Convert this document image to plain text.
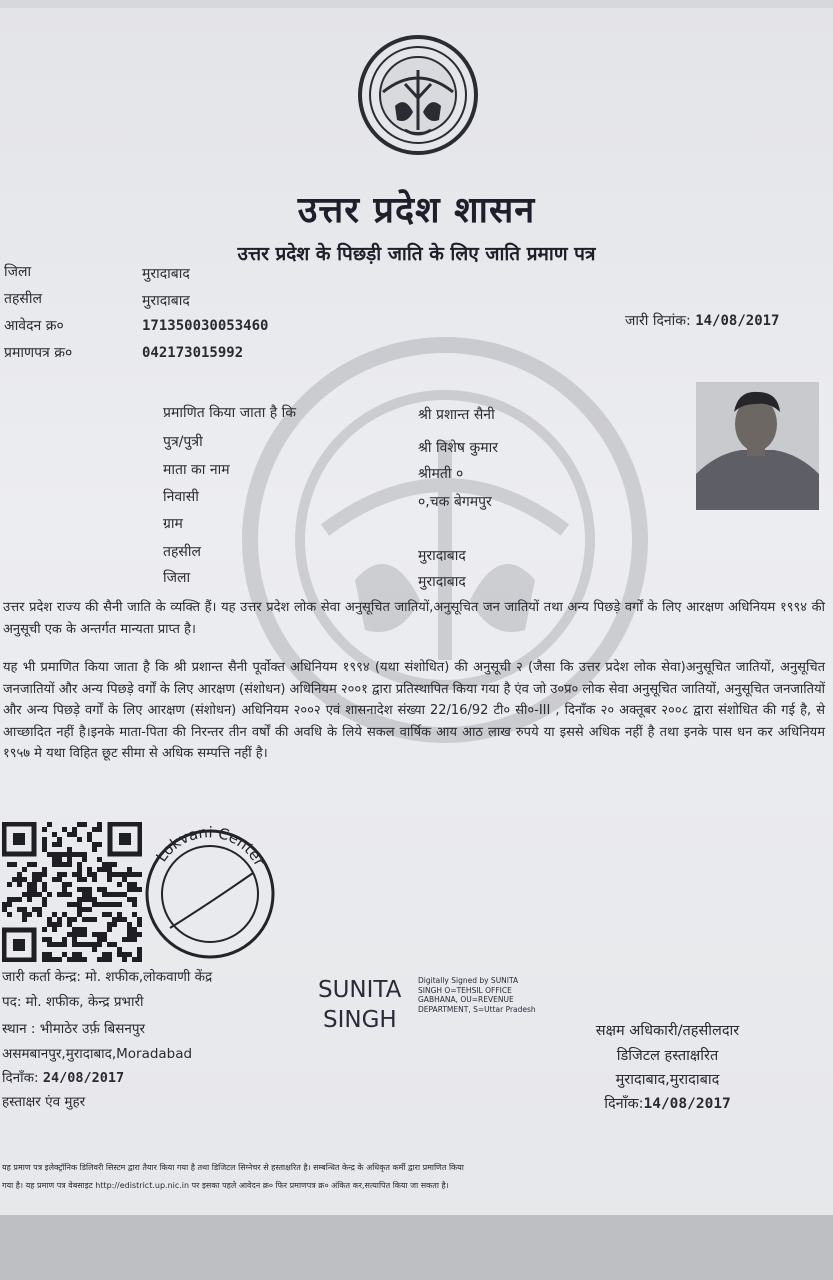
उत्तर प्रदेश शासन
उत्तर प्रदेश के पिछड़ी जाति के लिए जाति प्रमाण पत्र
जिला	मुरादाबाद
तहसील	मुरादाबाद
आवेदन क्र०	171350030053460
प्रमाणपत्र क्र०	042173015992
जारी दिनांक: 14/08/2017
प्रमाणित किया जाता है कि	श्री प्रशान्त सैनी
पुत्र/पुत्री	श्री विशेष कुमार
माता का नाम	श्रीमती ०
निवासी	०,चक बेगमपुर
ग्राम
तहसील	मुरादाबाद
जिला	मुरादाबाद
उत्तर प्रदेश राज्य की सैनी जाति के व्यक्ति हैं। यह उत्तर प्रदेश लोक सेवा अनुसूचित जातियों,अनुसूचित जन जातियों तथा अन्य पिछड़े वर्गों के लिए आरक्षण अधिनियम १९९४ की अनुसूची एक के अन्तर्गत मान्यता प्राप्त है।
यह भी प्रमाणित किया जाता है कि श्री प्रशान्त सैनी पूर्वोक्त अधिनियम १९९४ (यथा संशोधित) की अनुसूची २ (जैसा कि उत्तर प्रदेश लोक सेवा)अनुसूचित जातियों, अनुसूचित जनजातियों और अन्य पिछड़े वर्गों के लिए आरक्षण (संशोधन) अधिनियम २००१ द्वारा प्रतिस्थापित किया गया है एंव जो उ०प्र० लोक सेवा अनुसूचित जातियों, अनुसूचित जनजातियों और अन्य पिछड़े वर्गों के लिए आरक्षण (संशोधन) अधिनियम २००२ एवं शासनादेश संख्या 22/16/92 टी० सी०-III , दिनाँक २० अक्तूबर २००८ द्वारा संशोधित की गई है, से आच्छादित नहीं है।इनके माता-पिता की निरन्तर तीन वर्षों की अवधि के लिये सकल वार्षिक आय आठ लाख रुपये या इससे अधिक नहीं है तथा इनके पास धन कर अधिनियम १९५७ मे यथा विहित छूट सीमा से अधिक सम्पत्ति नहीं है।
Lokvani Center
जारी कर्ता केन्द्र: मो. शफीक,लोकवाणी केंद्र
पद: मो. शफीक, केन्द्र प्रभारी
स्थान : भीमाठेर उर्फ़ बिसनपुर
असमबानपुर,मुरादाबाद,Moradabad
दिनाँक: 24/08/2017
हस्ताक्षर एंव मुहर
SUNITA
SINGH
Digitally Signed by SUNITA SINGH O=TEHSIL OFFICE GABHANA, OU=REVENUE DEPARTMENT, S=Uttar Pradesh
सक्षम अधिकारी/तहसीलदार
डिजिटल हस्ताक्षरित
मुरादाबाद,मुरादाबाद
दिनाँक:14/08/2017
यह प्रमाण पत्र इलेक्ट्रॉनिक डिलिवरी सिस्टम द्वारा तैयार किया गया है तथा डिजिटल सिग्नेचर से हस्ताक्षरित है। सम्बन्धित केन्द्र के अधिकृत कर्मी द्वारा प्रमाणित किया
गया है। यह प्रमाण पत्र वेबसाइट http://edistrict.up.nic.in पर इसका पहले आवेदन क्र० फिर प्रमाणपत्र क्र० अंकित कर,सत्यापित किया जा सकता है।
